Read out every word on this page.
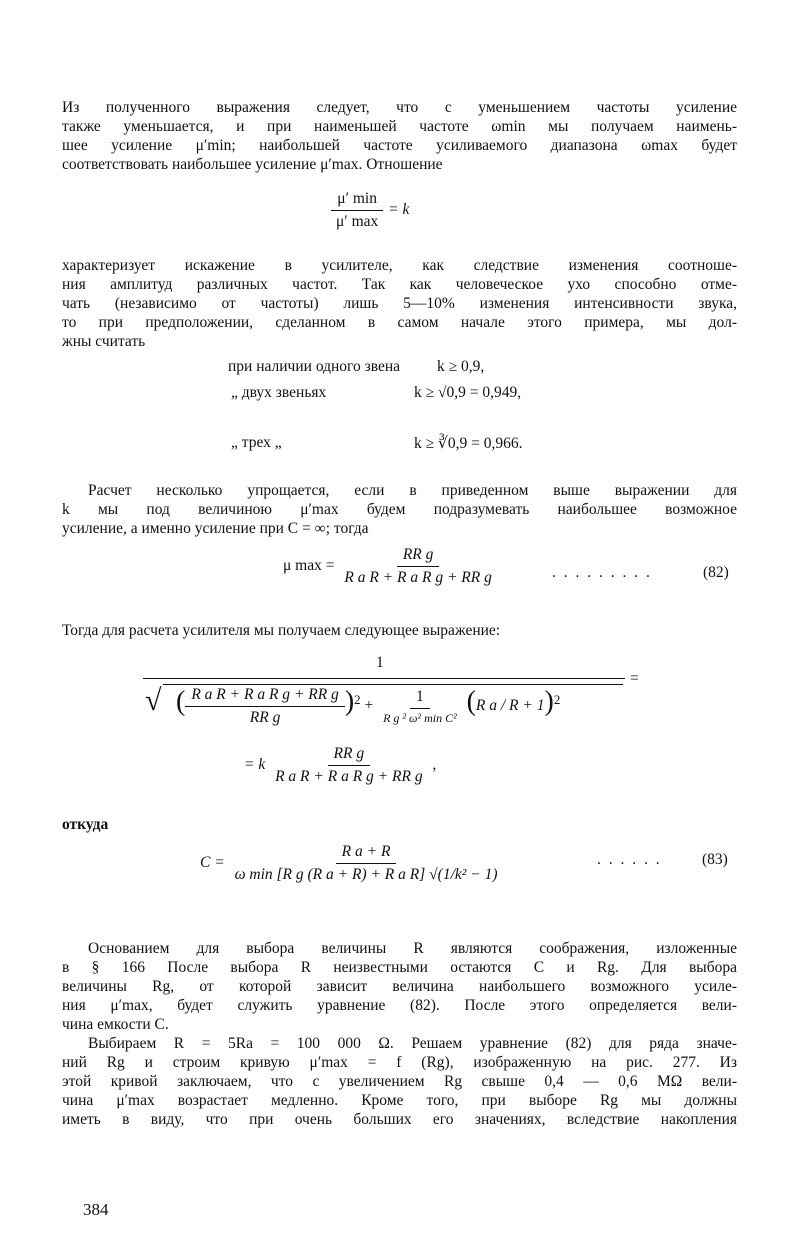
Из полученного выражения следует, что с уменьшением частоты усиление
также уменьшается, и при наименьшей частоте ωmin мы получаем наимень-
шее усиление μ′min; наибольшей частоте усиливаемого диапазона ωmax будет
соответствовать наибольшее усиление μ′max. Отношение
$\frac{\mu' \min}{\mu' \max} = k$
характеризует искажение в усилителе, как следствие изменения соотноше-
ния амплитуд различных частот. Так как человеческое ухо способно отме-
чать (независимо от частоты) лишь 5—10% изменения интенсивности звука,
то при предположении, сделанном в самом начале этого примера, мы дол-
жны считать
при наличии одного звена k ≥ 0,9,
„ двух звеньях	k ≥ √0,9 = 0,949,
„ трех „	k ≥ ∛0,9 = 0,966.
Расчет несколько упрощается, если в приведенном выше выражении для
k мы под величиною μ′max будем подразумевать наибольшее возможное
усиление, а именно усиление при C = ∞; тогда
μ $\max = \frac{\text{RR g}}{\text{R a R + R a R g + RR g}}$	. . . . . . . . .	(82)
Тогда для расчета усилителя мы получаем следующее выражение:
1
=
√ ( $\frac{\text{R a R + R a R g + RR g}}{\text{RR g}} )^2 + \frac{1}{\text{R g ² ω² min C²}} (R$ a / R + 1)$^2$
= k $\frac{\text{RR g}}{\text{R a R + R a R g + RR g}}$ ,
откуда
$C = \frac{\text{R a + R}}{\text{ω min [R g (R a + R) + R a R] √(1/k² − 1)}}$	. . . . . .	(83)
Основанием для выбора величины R являются соображения, изложенные
в § 166 После выбора R неизвестными остаются C и Rg. Для выбора
величины Rg, от которой зависит величина наибольшего возможного усиле-
ния μ′max, будет служить уравнение (82). После этого определяется вели-
чина емкости C.
Выбираем R = 5Ra = 100 000 Ω. Решаем уравнение (82) для ряда значе-
ний Rg и строим кривую μ′max = f (Rg), изображенную на рис. 277. Из
этой кривой заключаем, что с увеличением Rg свыше 0,4 — 0,6 MΩ вели-
чина μ′max возрастает медленно. Кроме того, при выборе Rg мы должны
иметь в виду, что при очень больших его значениях, вследствие накопления
384
